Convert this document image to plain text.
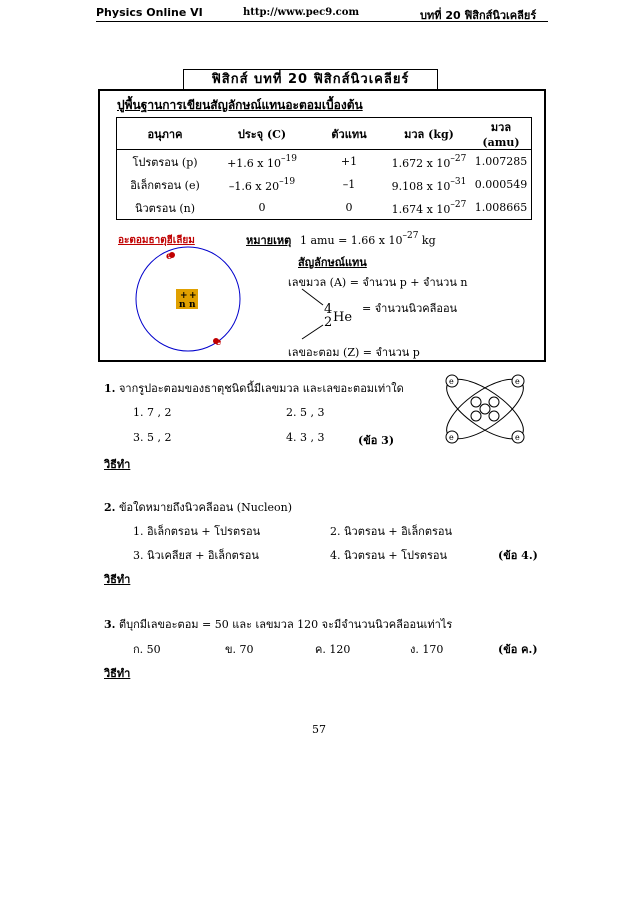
Physics Online VI	http://www.pec9.com	บทที่ 20 ฟิสิกส์นิวเคลียร์
ฟิสิกส์ บทที่ 20 ฟิสิกส์นิวเคลียร์
ปูพื้นฐานการเขียนสัญลักษณ์แทนอะตอมเบื้องต้น
อนุภาค	ประจุ (C)	ตัวแทน	มวล (kg)	มวล (amu)
โปรตรอน (p)	+1.6 x $10^{-19}$	+1	1.672 x $10^{-27}$	1.007285
อิเล็กตรอน (e)	–1.6 x $20^{-19}$	–1	9.108 x $10^{-31}$	0.000549
นิวตรอน (n)	0	0	1.674 x $10^{-27}$	1.008665
อะตอมธาตุฮีเลียม
e
e
+ +
n n
หมายเหตุ 1 amu = 1.66 x $10^{-27}$ kg
สัญลักษณ์แทน
เลขมวล (A) = จำนวน p + จำนวน n
= จำนวนนิวคลีออน
4
2 He
เลขอะตอม (Z) = จำนวน p
1. จากรูปอะตอมของธาตุชนิดนี้มีเลขมวล และเลขอะตอมเท่าใด
1. 7 , 2	2. 5 , 3
3. 5 , 2	4. 3 , 3	(ข้อ 3)
วิธีทำ
e	e
e	e
2. ข้อใดหมายถึงนิวคลีออน (Nucleon)
1. อิเล็กตรอน + โปรตรอน	2. นิวตรอน + อิเล็กตรอน
3. นิวเคลียส + อิเล็กตรอน	4. นิวตรอน + โปรตรอน	(ข้อ 4.)
วิธีทำ
3. ตีบุกมีเลขอะตอม = 50 และ เลขมวล 120 จะมีจำนวนนิวคลีออนเท่าไร
ก. 50	ข. 70	ค. 120	ง. 170	(ข้อ ค.)
วิธีทำ
57
